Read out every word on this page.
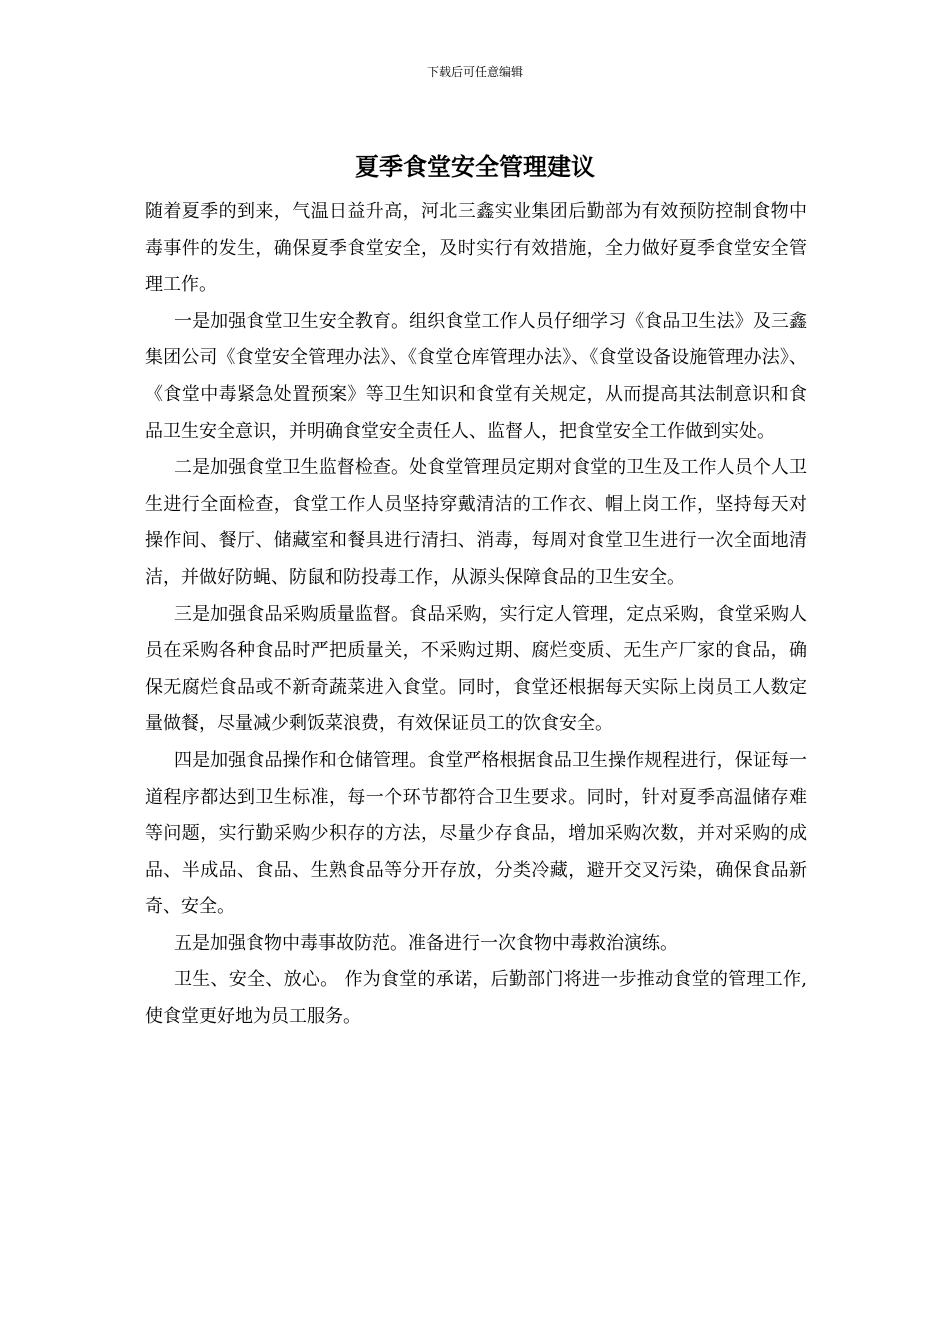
下载后可任意编辑
夏季食堂安全管理建议

随着夏季的到来，气温日益升高，河北三鑫实业集团后勤部为有效预防控制食物中毒事件的发生，确保夏季食堂安全，及时实行有效措施，全力做好夏季食堂安全管理工作。

一是加强食堂卫生安全教育。组织食堂工作人员仔细学习《食品卫生法》及三鑫集团公司《食堂安全管理办法》、《食堂仓库管理办法》、《食堂设备设施管理办法》、《食堂中毒紧急处置预案》等卫生知识和食堂有关规定，从而提高其法制意识和食品卫生安全意识，并明确食堂安全责任人、监督人，把食堂安全工作做到实处。

二是加强食堂卫生监督检查。处食堂管理员定期对食堂的卫生及工作人员个人卫生进行全面检查，食堂工作人员坚持穿戴清洁的工作衣、帽上岗工作，坚持每天对操作间、餐厅、储藏室和餐具进行清扫、消毒，每周对食堂卫生进行一次全面地清洁，并做好防蝇、防鼠和防投毒工作，从源头保障食品的卫生安全。

三是加强食品采购质量监督。食品采购，实行定人管理，定点采购，食堂采购人员在采购各种食品时严把质量关，不采购过期、腐烂变质、无生产厂家的食品，确保无腐烂食品或不新奇蔬菜进入食堂。同时，食堂还根据每天实际上岗员工人数定量做餐，尽量减少剩饭菜浪费，有效保证员工的饮食安全。

四是加强食品操作和仓储管理。食堂严格根据食品卫生操作规程进行，保证每一道程序都达到卫生标准，每一个环节都符合卫生要求。同时，针对夏季高温储存难等问题，实行勤采购少积存的方法，尽量少存食品，增加采购次数，并对采购的成品、半成品、食品、生熟食品等分开存放，分类冷藏，避开交叉污染，确保食品新奇、安全。

五是加强食物中毒事故防范。准备进行一次食物中毒救治演练。

卫生、安全、放心。 作为食堂的承诺，后勤部门将进一步推动食堂的管理工作,使食堂更好地为员工服务。
